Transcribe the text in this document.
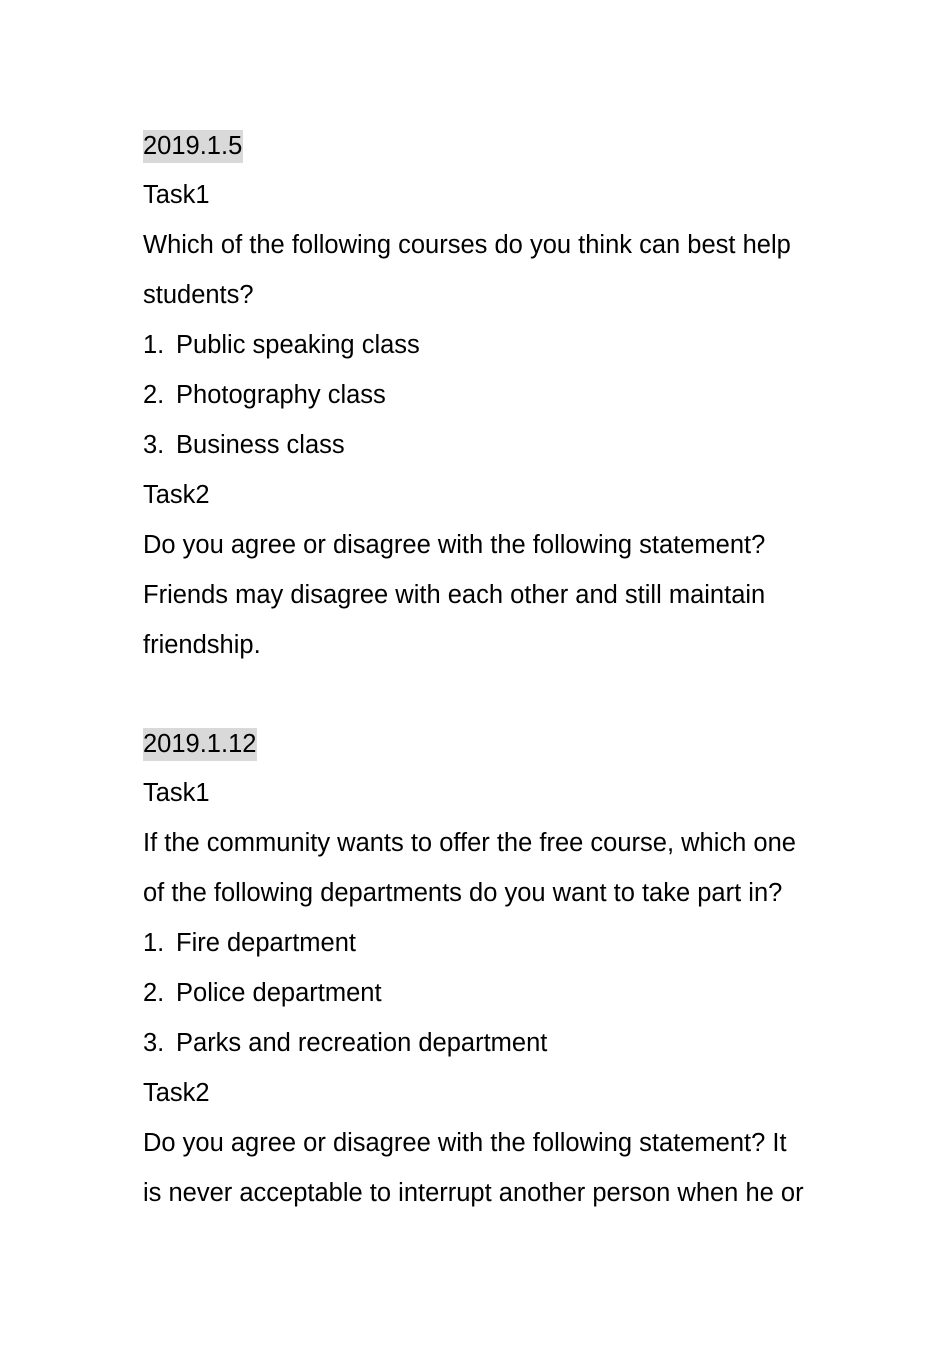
2019.1.5
Task1
Which of the following courses do you think can best help
students?
1. Public speaking class
2. Photography class
3. Business class
Task2
Do you agree or disagree with the following statement?
Friends may disagree with each other and still maintain
friendship.
2019.1.12
Task1
If the community wants to offer the free course, which one
of the following departments do you want to take part in?
1. Fire department
2. Police department
3. Parks and recreation department
Task2
Do you agree or disagree with the following statement? It
is never acceptable to interrupt another person when he or
